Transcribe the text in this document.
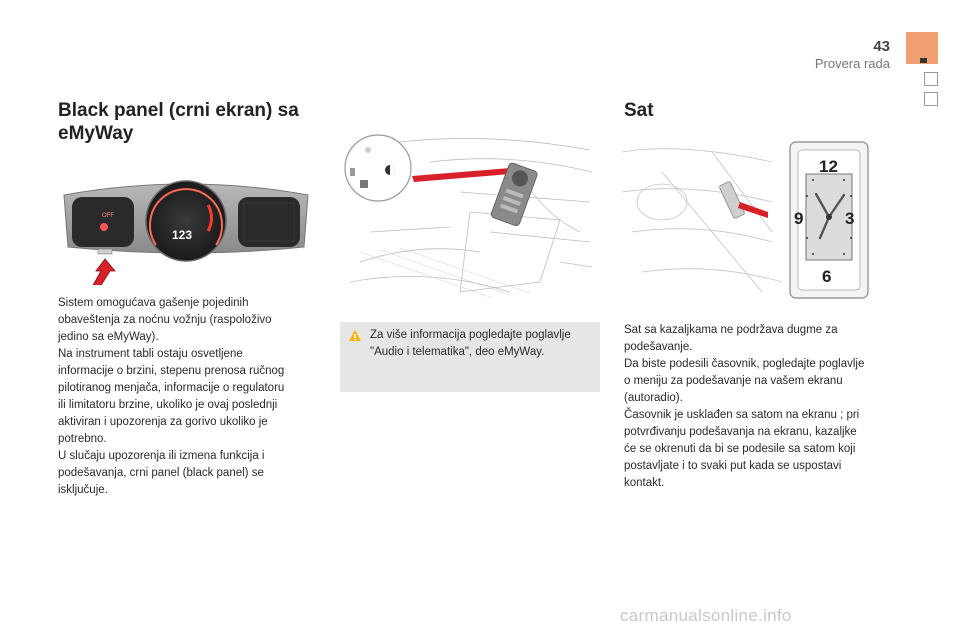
43
Provera rada
Black panel (crni ekran) sa
eMyWay
OFF
123
Sistem omogućava gašenje pojedinih
obaveštenja za noćnu vožnju (raspoloživo
jedino sa eMyWay).
Na instrument tabli ostaju osvetljene
informacije o brzini, stepenu prenosa ručnog
pilotiranog menjača, informacije o regulatoru
ili limitatoru brzine, ukoliko je ovaj poslednji
aktiviran i upozorenja za gorivo ukoliko je
potrebno.
U slučaju upozorenja ili izmena funkcija i
podešavanja, crni panel (black panel) se
isključuje.
Za više informacija pogledajte poglavlje
"Audio i telematika", deo eMyWay.
Sat
12
3
6
9
Sat sa kazaljkama ne podržava dugme za
podešavanje.
Da biste podesili časovnik, pogledajte poglavlje
o meniju za podešavanje na vašem ekranu
(autoradio).
Časovnik je usklađen sa satom na ekranu ; pri
potvrđivanju podešavanja na ekranu, kazaljke
će se okrenuti da bi se podesile sa satom koji
postavljate i to svaki put kada se uspostavi
kontakt.
carmanualsonline.info
